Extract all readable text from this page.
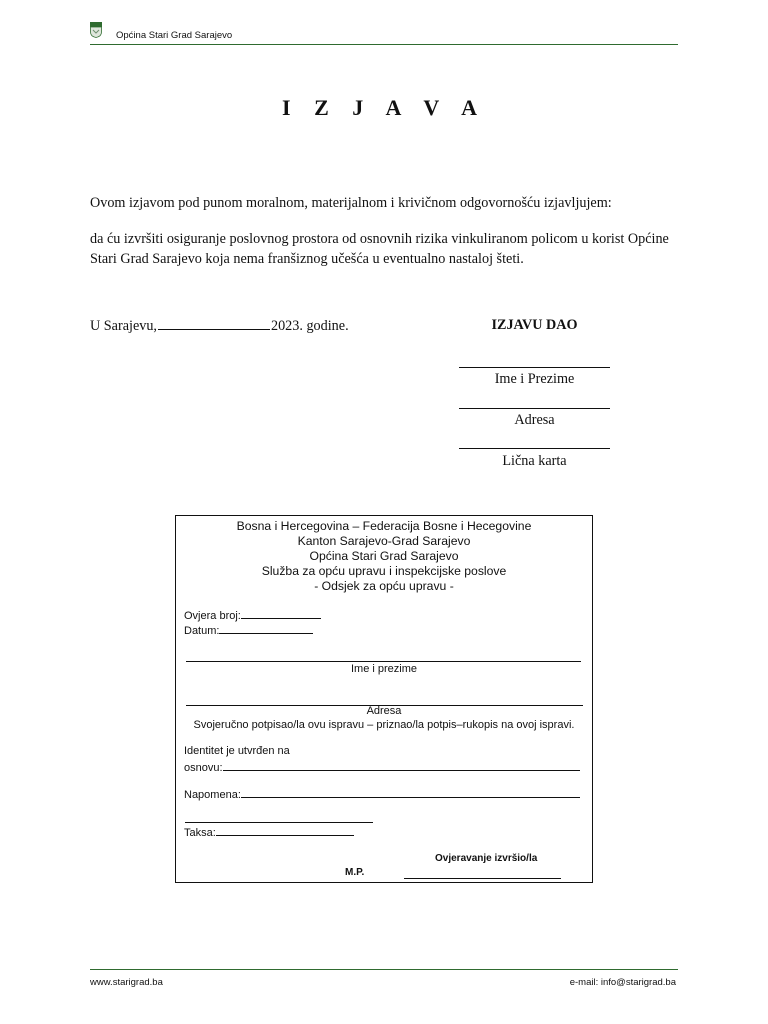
Općina Stari Grad Sarajevo
I Z J A V A
Ovom izjavom pod punom moralnom, materijalnom i krivičnom odgovornošću izjavljujem:
da ću izvršiti osiguranje poslovnog prostora od osnovnih rizika vinkuliranom policom u korist Općine Stari Grad Sarajevo koja nema franšiznog učešća u eventualno nastaloj šteti.
U Sarajevu,	2023. godine.	IZJAVU DAO
Ime i Prezime
Adresa
Lična karta
Bosna i Hercegovina – Federacija Bosne i Hecegovine
Kanton Sarajevo-Grad Sarajevo
Općina Stari Grad Sarajevo
Služba za opću upravu i inspekcijske poslove
- Odsjek za opću upravu -
Ovjera broj:
Datum:
Ime i prezime
Adresa
Svojeručno potpisao/la ovu ispravu – priznao/la potpis–rukopis na ovoj ispravi.
Identitet je utvrđen na
osnovu:
Napomena:
Taksa:
Ovjeravanje izvršio/la
M.P.
www.starigrad.ba	e-mail: info@starigrad.ba
